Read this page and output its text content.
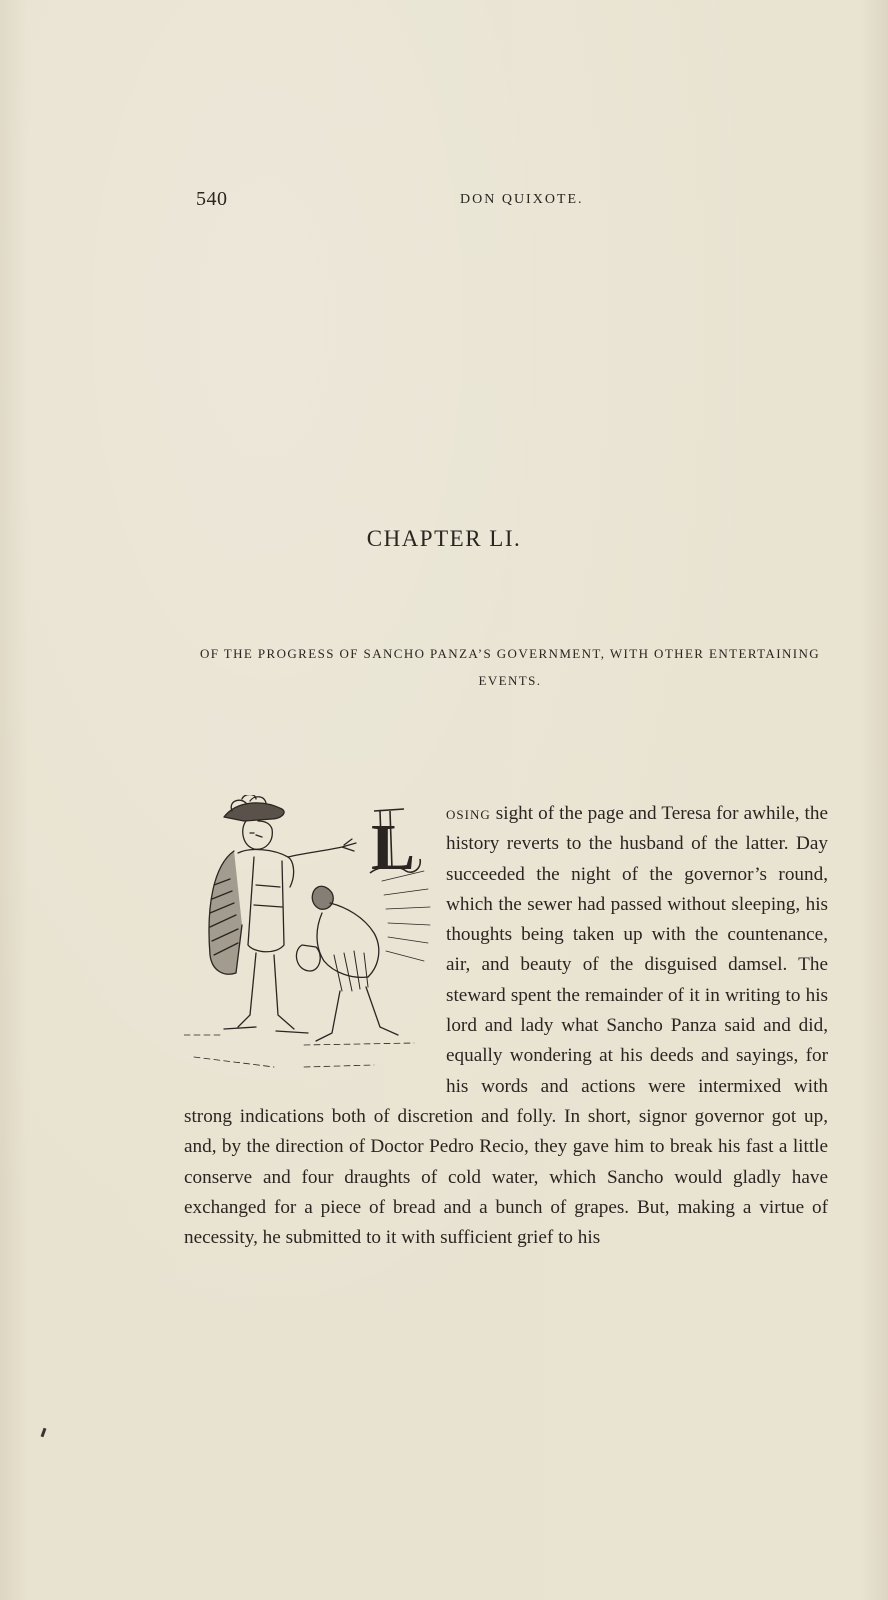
540	DON QUIXOTE.
CHAPTER LI.
OF THE PROGRESS OF SANCHO PANZA’S GOVERNMENT, WITH OTHER ENTERTAINING EVENTS.
L	osing sight of the page and Teresa for awhile, the history reverts to the husband of the latter. Day succeeded the night of the governor’s round, which the sewer had passed without sleeping, his thoughts being taken up with the countenance, air, and beauty of the disguised damsel. The steward spent the remainder of it in writing to his lord and lady what Sancho Panza said and did, equally wondering at his deeds and sayings, for his words and actions were intermixed with strong indications both of discretion and folly. In short, signor governor got up, and, by the direction of Doctor Pedro Recio, they gave him to break his fast a little conserve and four draughts of cold water, which Sancho would gladly have exchanged for a piece of bread and a bunch of grapes. But, making a virtue of necessity, he submitted to it with sufficient grief to his
